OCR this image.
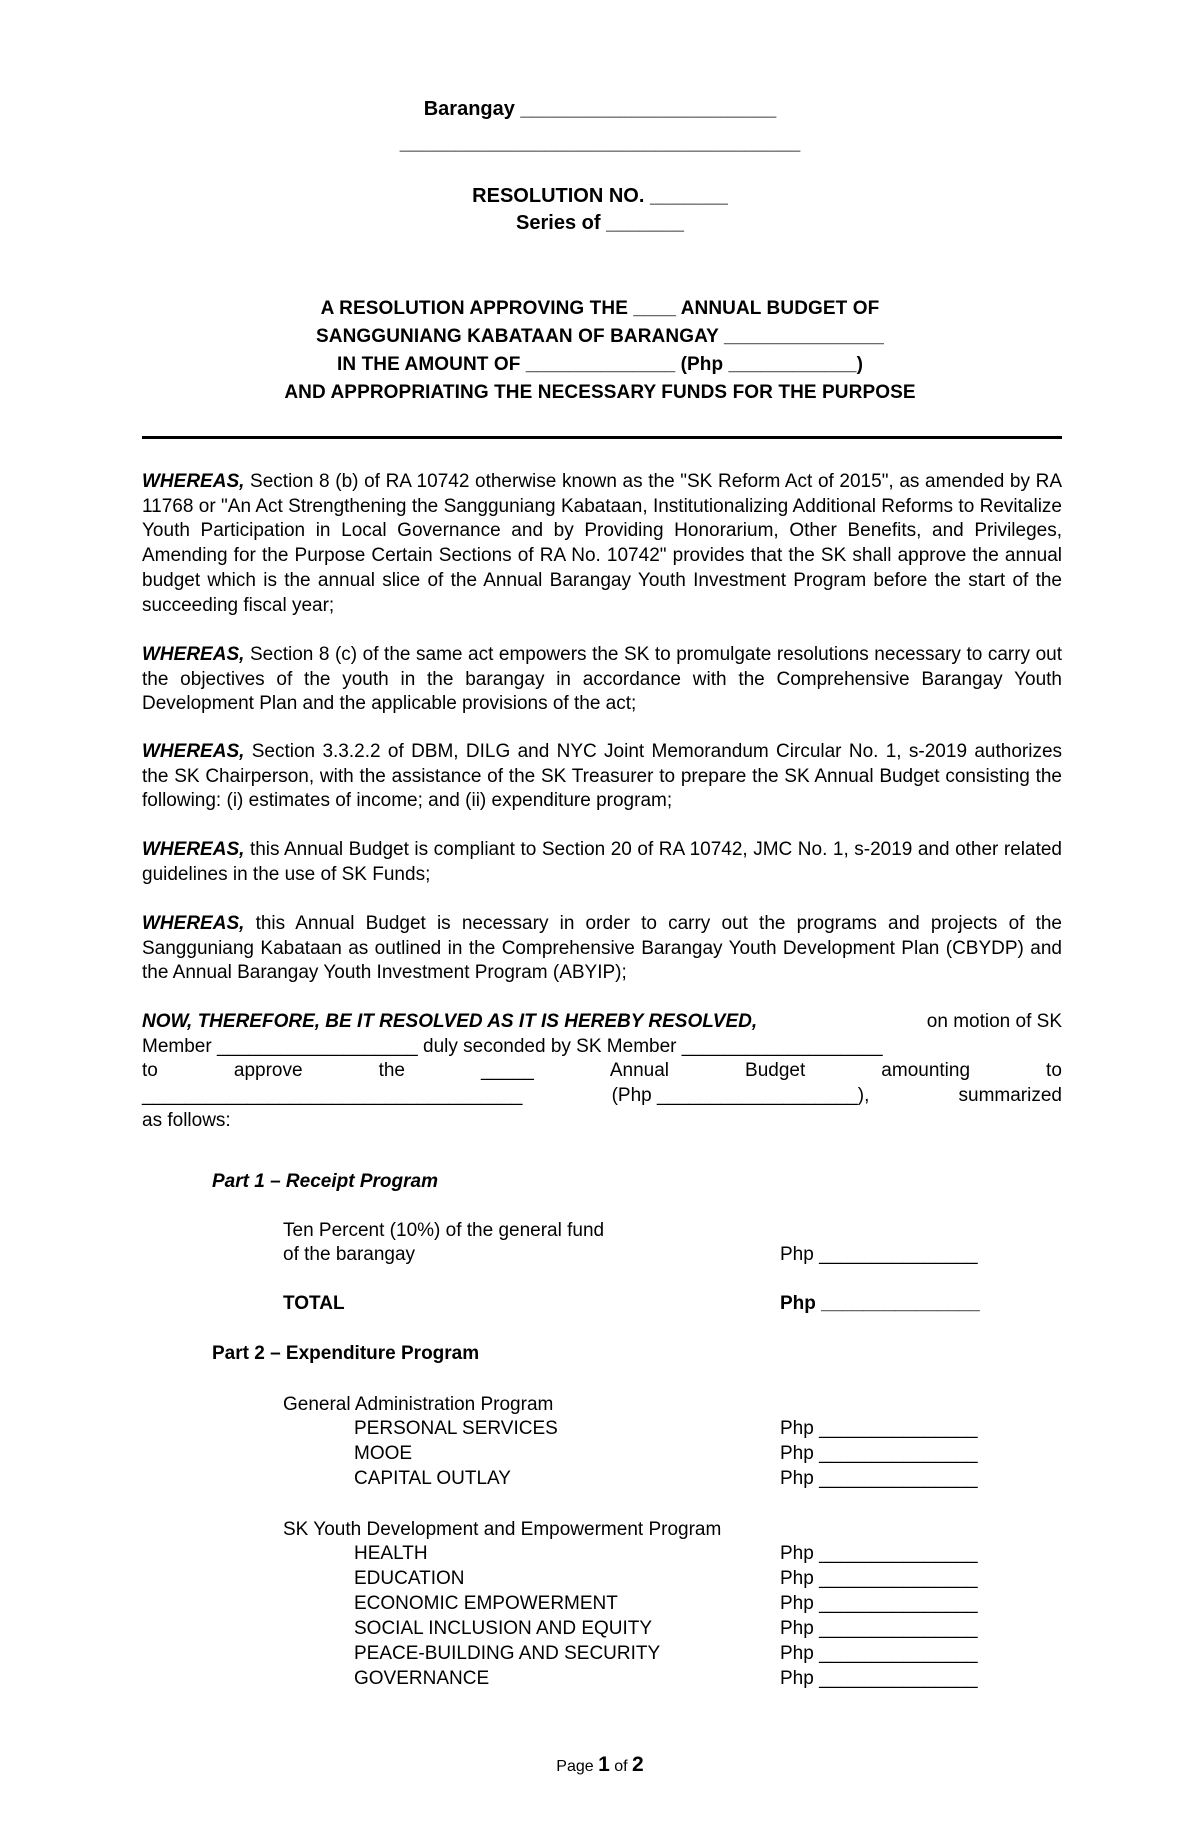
Barangay _______________________
____________________________________
RESOLUTION NO. _______
Series of _______
A RESOLUTION APPROVING THE ____ ANNUAL BUDGET OF
SANGGUNIANG KABATAAN OF BARANGAY _______________
IN THE AMOUNT OF ______________ (Php ____________)
AND APPROPRIATING THE NECESSARY FUNDS FOR THE PURPOSE

WHEREAS, Section 8 (b) of RA 10742 otherwise known as the "SK Reform Act of 2015", as amended by RA 11768 or "An Act Strengthening the Sangguniang Kabataan, Institutionalizing Additional Reforms to Revitalize Youth Participation in Local Governance and by Providing Honorarium, Other Benefits, and Privileges, Amending for the Purpose Certain Sections of RA No. 10742" provides that the SK shall approve the annual budget which is the annual slice of the Annual Barangay Youth Investment Program before the start of the succeeding fiscal year;

WHEREAS, Section 8 (c) of the same act empowers the SK to promulgate resolutions necessary to carry out the objectives of the youth in the barangay in accordance with the Comprehensive Barangay Youth Development Plan and the applicable provisions of the act;

WHEREAS, Section 3.3.2.2 of DBM, DILG and NYC Joint Memorandum Circular No. 1, s-2019 authorizes the SK Chairperson, with the assistance of the SK Treasurer to prepare the SK Annual Budget consisting the following: (i) estimates of income; and (ii) expenditure program;

WHEREAS, this Annual Budget is compliant to Section 20 of RA 10742, JMC No. 1, s-2019 and other related guidelines in the use of SK Funds;

WHEREAS, this Annual Budget is necessary in order to carry out the programs and projects of the Sangguniang Kabataan as outlined in the Comprehensive Barangay Youth Development Plan (CBYDP) and the Annual Barangay Youth Investment Program (ABYIP);

NOW, THEREFORE, BE IT RESOLVED AS IT IS HEREBY RESOLVED,	on motion of SK
Member ___________________ duly seconded by SK Member ___________________
to	approve	the	_____	Annual	Budget	amounting	to
____________________________________	(Php ___________________),	summarized
as follows:
Part 1 – Receipt Program
Ten Percent (10%) of the general fund
of the barangay	Php _______________
TOTAL	Php _______________
Part 2 – Expenditure Program
General Administration Program
PERSONAL SERVICES	Php _______________
MOOE	Php _______________
CAPITAL OUTLAY	Php _______________
SK Youth Development and Empowerment Program
HEALTH	Php _______________
EDUCATION	Php _______________
ECONOMIC EMPOWERMENT	Php _______________
SOCIAL INCLUSION AND EQUITY	Php _______________
PEACE-BUILDING AND SECURITY	Php _______________
GOVERNANCE	Php _______________
Page 1 of 2
